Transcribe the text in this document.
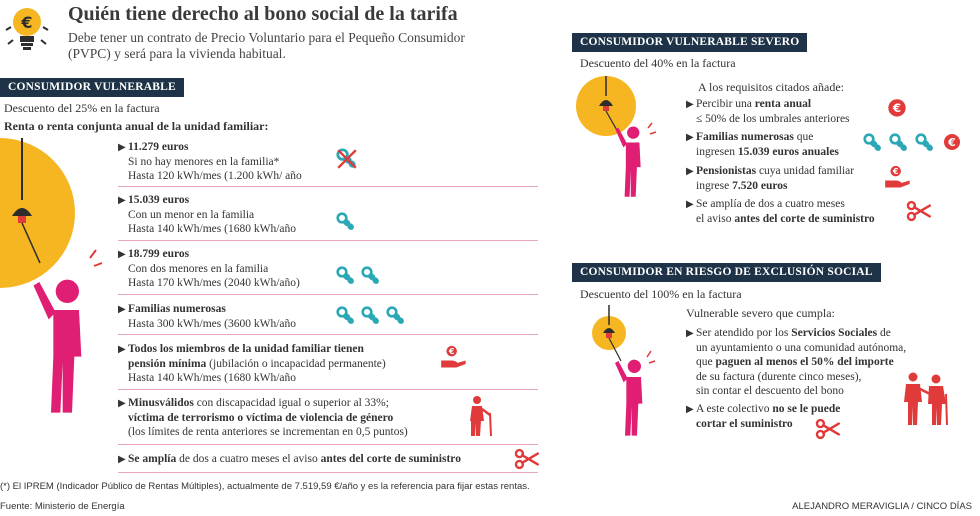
€ Quién tiene derecho al bono social de la tarifa
Debe tener un contrato de Precio Voluntario para el Pequeño Consumidor (PVPC) y será para la vivienda habitual.
CONSUMIDOR VULNERABLE
Descuento del 25% en la factura
Renta o renta conjunta anual de la unidad familiar:
▶ 11.279 euros
Si no hay menores en la familia*
Hasta 120 kWh/mes (1.200 kWh/ año
▶ 15.039 euros
Con un menor en la familia
Hasta 140 kWh/mes (1680 kWh/año
▶ 18.799 euros
Con dos menores en la familia
Hasta 170 kWh/mes (2040 kWh/año)
▶ Familias numerosas
Hasta 300 kWh/mes (3600 kWh/año
▶ Todos los miembros de la unidad familiar tienen
pensión mínima (jubilación o incapacidad permanente)
Hasta 140 kWh/mes (1680 kWh/año
▶ Minusválidos con discapacidad igual o superior al 33%;
víctima de terrorismo o víctima de violencia de género
(los límites de renta anteriores se incrementan en 0,5 puntos)
▶ Se amplía de dos a cuatro meses el aviso antes del corte de suministro
(*) El IPREM (Indicador Público de Rentas Múltiples), actualmente de 7.519,59 €/año y es la referencia para fijar estas rentas.
Fuente: Ministerio de Energía	ALEJANDRO MERAVIGLIA / CINCO DÍAS
CONSUMIDOR VULNERABLE SEVERO
Descuento del 40% en la factura
A los requisitos citados añade:
▶ Percibir una renta anual
≤ 50% de los umbrales anteriores
▶ Familias numerosas que
ingresen 15.039 euros anuales
▶ Pensionistas cuya unidad familiar
ingrese 7.520 euros
▶ Se amplía de dos a cuatro meses
el aviso antes del corte de suministro
CONSUMIDOR EN RIESGO DE EXCLUSIÓN SOCIAL
Descuento del 100% en la factura
Vulnerable severo que cumpla:
▶ Ser atendido por los Servicios Sociales de
un ayuntamiento o una comunidad autónoma,
que paguen al menos el 50% del importe
de su factura (durente cinco meses),
sin contar el descuento del bono
▶ A este colectivo no se le puede
cortar el suministro
